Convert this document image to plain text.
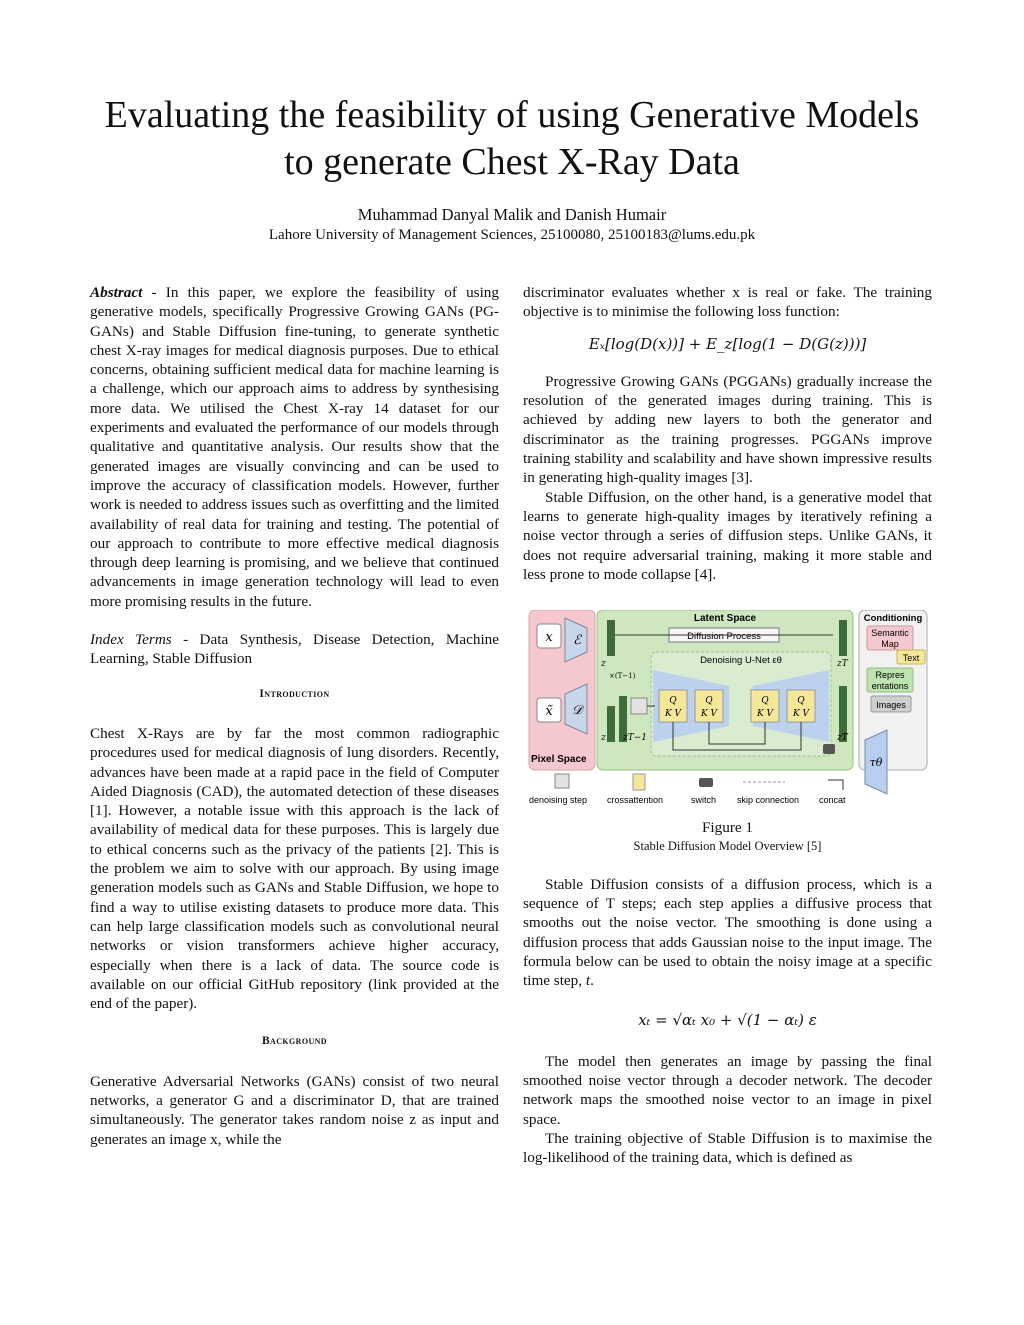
Evaluating the feasibility of using Generative Models to generate Chest X-Ray Data
Muhammad Danyal Malik and Danish Humair
Lahore University of Management Sciences, 25100080, 25100183@lums.edu.pk

Abstract - In this paper, we explore the feasibility of using generative models, specifically Progressive Growing GANs (PG-GANs) and Stable Diffusion fine-tuning, to generate synthetic chest X-ray images for medical diagnosis purposes. Due to ethical concerns, obtaining sufficient medical data for machine learning is a challenge, which our approach aims to address by synthesising more data. We utilised the Chest X-ray 14 dataset for our experiments and evaluated the performance of our models through qualitative and quantitative analysis. Our results show that the generated images are visually convincing and can be used to improve the accuracy of classification models. However, further work is needed to address issues such as overfitting and the limited availability of real data for training and testing. The potential of our approach to contribute to more effective medical diagnosis through deep learning is promising, and we believe that continued advancements in image generation technology will lead to even more promising results in the future.

Index Terms - Data Synthesis, Disease Detection, Machine Learning, Stable Diffusion

Introduction

Chest X-Rays are by far the most common radiographic procedures used for medical diagnosis of lung disorders. Recently, advances have been made at a rapid pace in the field of Computer Aided Diagnosis (CAD), the automated detection of these diseases [1]. However, a notable issue with this approach is the lack of availability of medical data for these purposes. This is largely due to ethical concerns such as the privacy of the patients [2]. This is the problem we aim to solve with our approach. By using image generation models such as GANs and Stable Diffusion, we hope to find a way to utilise existing datasets to produce more data. This can help large classification models such as convolutional neural networks or vision transformers achieve higher accuracy, especially when there is a lack of data. The source code is available on our official GitHub repository (link provided at the end of the paper).

Background

Generative Adversarial Networks (GANs) consist of two neural networks, a generator G and a discriminator D, that are trained simultaneously. The generator takes random noise z as input and generates an image x, while the

discriminator evaluates whether x is real or fake. The training objective is to minimise the following loss function:

Eₓ[log(D(x))] + E_z[log(1 − D(G(z)))]

Progressive Growing GANs (PGGANs) gradually increase the resolution of the generated images during training. This is achieved by adding new layers to both the generator and discriminator as the training progresses. PGGANs improve training stability and scalability and have shown impressive results in generating high-quality images [3].

Stable Diffusion, on the other hand, is a generative model that learns to generate high-quality images by iteratively refining a noise vector through a series of diffusion steps. Unlike GANs, it does not require adversarial training, making it more stable and less prone to mode collapse [4].

x
x̃
ℰ
𝒟
Pixel Space
Latent Space
Diffusion Process
z	zT
z zT−1	zT
Denoising U-Net εθ
×(T−1)
Q
K V
Q
K V
Q
K V
Q
K V
Conditioning
Semantic
Map
Text
Repres
entations
Images
τθ
denoising step crossattention	switch skip connection concat

Figure 1

Stable Diffusion Model Overview [5]

Stable Diffusion consists of a diffusion process, which is a sequence of T steps; each step applies a diffusive process that smooths out the noise vector. The smoothing is done using a diffusion process that adds Gaussian noise to the input image. The formula below can be used to obtain the noisy image at a specific time step, t.

xₜ = √αₜ x₀ + √(1 − αₜ) ε

The model then generates an image by passing the final smoothed noise vector through a decoder network. The decoder network maps the smoothed noise vector to an image in pixel space.

The training objective of Stable Diffusion is to maximise the log-likelihood of the training data, which is defined as
